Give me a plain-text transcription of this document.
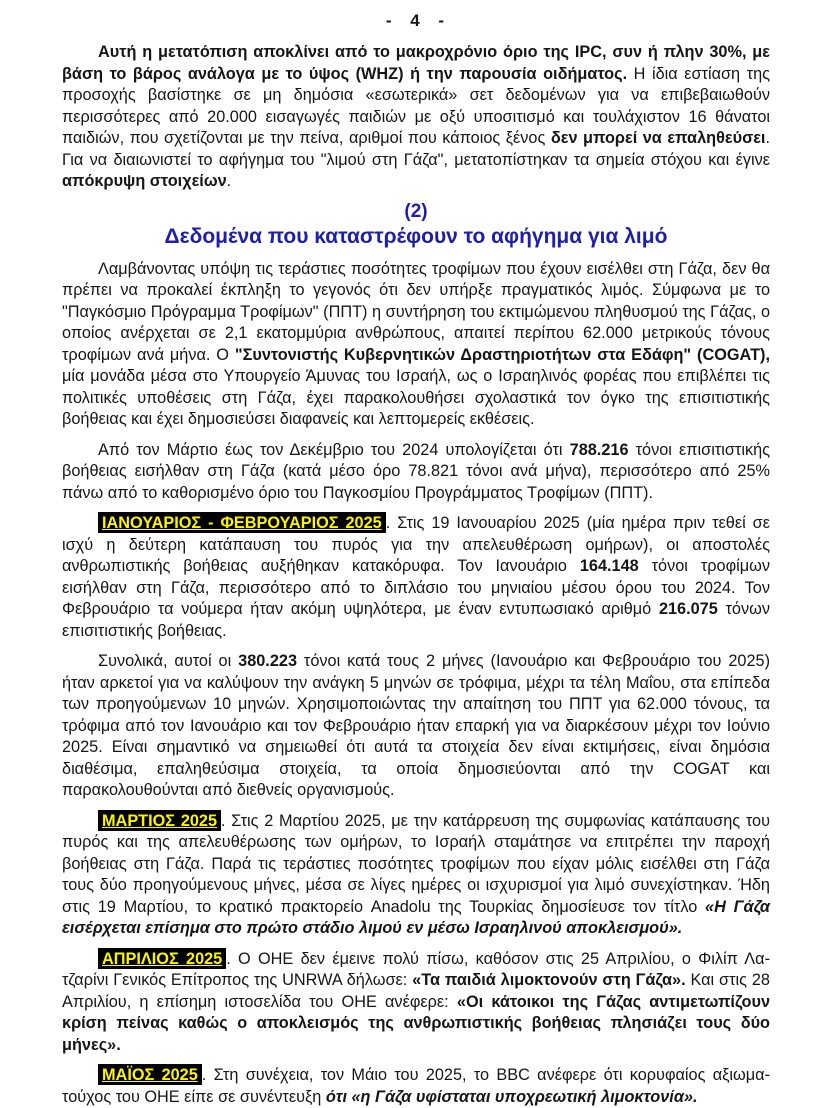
- 4 -

Αυτή η μετατόπιση αποκλίνει από το μακροχρόνιο όριο της IPC, συν ή πλην 30%, με βάση το βάρος ανάλογα με το ύψος (WHZ) ή την παρουσία οιδήματος. Η ίδια εστίαση της προσοχής βασίστηκε σε μη δημόσια «εσωτερικά» σετ δεδομένων για να επιβεβαιωθούν περισσότερες από 20.000 εισαγωγές παιδιών με οξύ υποσιτισμό και τουλάχιστον 16 θάνατοι παιδιών, που σχετίζονται με την πείνα, αριθμοί που κάποιος ξένος δεν μπορεί να επαληθεύσει. Για να διαιωνιστεί το αφήγημα του "λιμού στη Γάζα", μετατοπίστηκαν τα σημεία στόχου και έγινε απόκρυψη στοιχείων.

(2)
Δεδομένα που καταστρέφουν το αφήγημα για λιμό

Λαμβάνοντας υπόψη τις τεράστιες ποσότητες τροφίμων που έχουν εισέλθει στη Γάζα, δεν θα πρέπει να προκαλεί έκπληξη το γεγονός ότι δεν υπήρξε πραγματικός λιμός. Σύμφωνα με το "Παγκόσμιο Πρόγραμμα Τροφίμων" (ΠΠΤ) η συντήρηση του εκτιμώμενου πληθυσμού της Γάζας, ο οποίος ανέρχεται σε 2,1 εκατομμύρια ανθρώπους, απαιτεί περίπου 62.000 μετρικούς τόνους τροφίμων ανά μήνα. Ο "Συντονιστής Κυβερνητικών Δραστηριοτήτων στα Εδάφη" (COGAT), μία μονάδα μέσα στο Υπουργείο Άμυνας του Ισραήλ, ως ο Ισραηλινός φορέας που επιβλέπει τις πολιτικές υποθέσεις στη Γάζα, έχει παρακολουθήσει σχολαστικά τον όγκο της επισιτιστικής βοήθειας και έχει δημοσιεύσει διαφανείς και λεπτομερείς εκθέσεις.

Από τον Μάρτιο έως τον Δεκέμβριο του 2024 υπολογίζεται ότι 788.216 τόνοι επισιτιστικής βοήθειας εισήλθαν στη Γάζα (κατά μέσο όρο 78.821 τόνοι ανά μήνα), περισσότερο από 25% πάνω από το καθορισμένο όριο του Παγκοσμίου Προγράμματος Τροφίμων (ΠΠΤ).

ΙΑΝΟΥΑΡΙΟΣ - ΦΕΒΡΟΥΑΡΙΟΣ 2025 . Στις 19 Ιανουαρίου 2025 (μία ημέρα πριν τεθεί σε ισχύ η δεύτερη κατάπαυση του πυρός για την απελευθέρωση ομήρων), οι αποστολές ανθρωπιστικής βοήθειας αυξήθηκαν κατακόρυφα. Τον Ιανουάριο 164.148 τόνοι τροφίμων εισήλθαν στη Γάζα, περισσότερο από το διπλάσιο του μηνιαίου μέσου όρου του 2024. Τον Φεβρουάριο τα νούμερα ήταν ακόμη υψηλότερα, με έναν εντυπωσιακό αριθμό 216.075 τόνων επισιτιστικής βοήθειας.

Συνολικά, αυτοί οι 380.223 τόνοι κατά τους 2 μήνες (Ιανουάριο και Φεβρουάριο του 2025) ήταν αρκετοί για να καλύψουν την ανάγκη 5 μηνών σε τρόφιμα, μέχρι τα τέλη Μαΐου, στα επίπεδα των προηγούμενων 10 μηνών. Χρησιμοποιώντας την απαίτηση του ΠΠΤ για 62.000 τόνους, τα τρόφιμα από τον Ιανουάριο και τον Φεβρουάριο ήταν επαρκή για να διαρκέσουν μέχρι τον Ιούνιο 2025. Είναι σημαντικό να σημειωθεί ότι αυτά τα στοιχεία δεν είναι εκτιμήσεις, είναι δημόσια διαθέσιμα, επαληθεύσιμα στοιχεία, τα οποία δημοσιεύονται από την COGAT και παρακολουθούνται από διεθνείς οργανισμούς.

ΜΑΡΤΙΟΣ 2025 . Στις 2 Μαρτίου 2025, με την κατάρρευση της συμφωνίας κατάπαυσης του πυρός και της απελευθέρωσης των ομήρων, το Ισραήλ σταμάτησε να επιτρέπει την παροχή βοήθειας στη Γάζα. Παρά τις τεράστιες ποσότητες τροφίμων που είχαν μόλις εισέλθει στη Γάζα τους δύο προηγούμενους μήνες, μέσα σε λίγες ημέρες οι ισχυρισμοί για λιμό συνεχίστηκαν. Ήδη στις 19 Μαρτίου, το κρατικό πρακτορείο Anadolu της Τουρκίας δημοσίευσε τον τίτλο «Η Γάζα εισέρχεται επίσημα στο πρώτο στάδιο λιμού εν μέσω Ισραηλινού αποκλεισμού».

ΑΠΡΙΛΙΟΣ 2025 . Ο ΟΗΕ δεν έμεινε πολύ πίσω, καθόσον στις 25 Απριλίου, ο Φιλίπ Λατζαρίνι Γενικός Επίτροπος της UNRWA δήλωσε: «Τα παιδιά λιμοκτονούν στη Γάζα». Και στις 28 Απριλίου, η επίσημη ιστοσελίδα του ΟΗΕ ανέφερε: «Οι κάτοικοι της Γάζας αντιμετωπίζουν κρίση πείνας καθώς ο αποκλεισμός της ανθρωπιστικής βοήθειας πλησιάζει τους δύο μήνες».

ΜΑΪΟΣ 2025 . Στη συνέχεια, τον Μάιο του 2025, το BBC ανέφερε ότι κορυφαίος αξιωματούχος του ΟΗΕ είπε σε συνέντευξη ότι «η Γάζα υφίσταται υποχρεωτική λιμοκτονία».
